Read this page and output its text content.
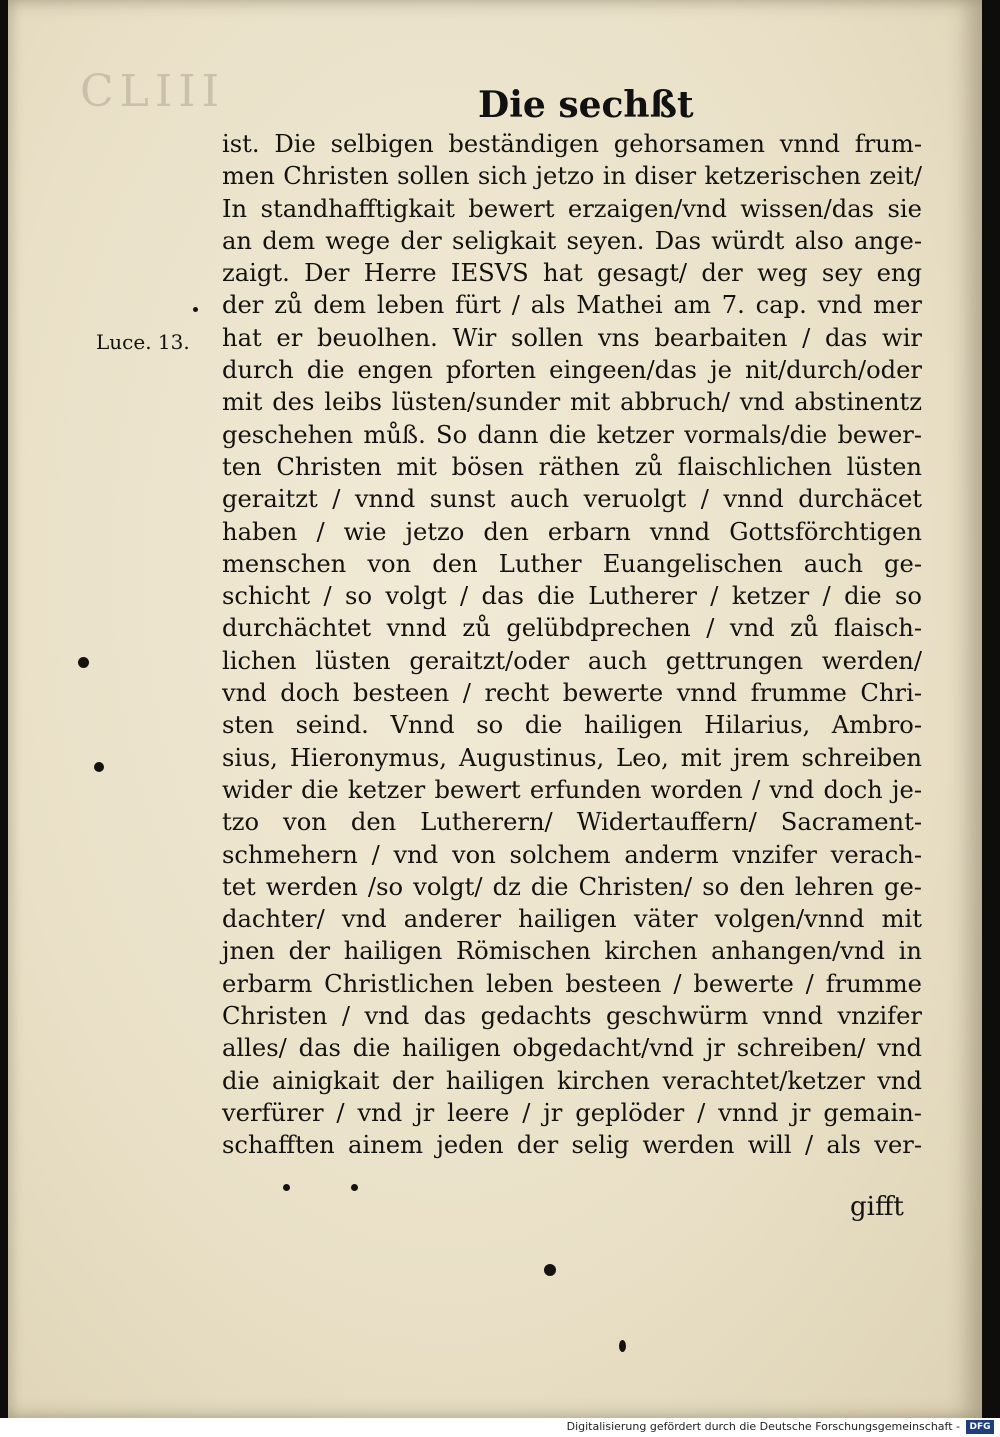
CLIII	Die sechßt
Luce. 13.
ist. Die selbigen beständigen gehorsamen vnnd frum-
men Christen sollen sich jetzo in diser ketzerischen zeit/
In standhafftigkait bewert erzaigen/vnd wissen/das sie
an dem wege der seligkait seyen. Das würdt also ange-
zaigt. Der Herre IESVS hat gesagt/ der weg sey eng
der zů dem leben fürt / als Mathei am 7. cap. vnd mer
hat er beuolhen. Wir sollen vns bearbaiten / das wir
durch die engen pforten eingeen/das je nit/durch/oder
mit des leibs lüsten/sunder mit abbruch/ vnd abstinentz
geschehen můß. So dann die ketzer vormals/die bewer-
ten Christen mit bösen räthen zů flaischlichen lüsten
geraitzt / vnnd sunst auch veruolgt / vnnd durchäcet
haben / wie jetzo den erbarn vnnd Gottsförchtigen
menschen von den Luther Euangelischen auch ge-
schicht / so volgt / das die Lutherer / ketzer / die so
durchächtet vnnd zů gelübdprechen / vnd zů flaisch-
lichen lüsten geraitzt/oder auch gettrungen werden/
vnd doch besteen / recht bewerte vnnd frumme Chri-
sten seind. Vnnd so die hailigen Hilarius, Ambro-
sius, Hieronymus, Augustinus, Leo, mit jrem schreiben
wider die ketzer bewert erfunden worden / vnd doch je-
tzo von den Lutherern/ Widertauffern/ Sacrament-
schmehern / vnd von solchem anderm vnzifer verach-
tet werden /so volgt/ dz die Christen/ so den lehren ge-
dachter/ vnd anderer hailigen väter volgen/vnnd mit
jnen der hailigen Römischen kirchen anhangen/vnd in
erbarm Christlichen leben besteen / bewerte / frumme
Christen / vnd das gedachts geschwürm vnnd vnzifer
alles/ das die hailigen obgedacht/vnd jr schreiben/ vnd
die ainigkait der hailigen kirchen verachtet/ketzer vnd
verfürer / vnd jr leere / jr geplöder / vnnd jr gemain-
schafften ainem jeden der selig werden will / als ver-
gifft
Digitalisierung gefördert durch die Deutsche Forschungsgemeinschaft -	DFG
